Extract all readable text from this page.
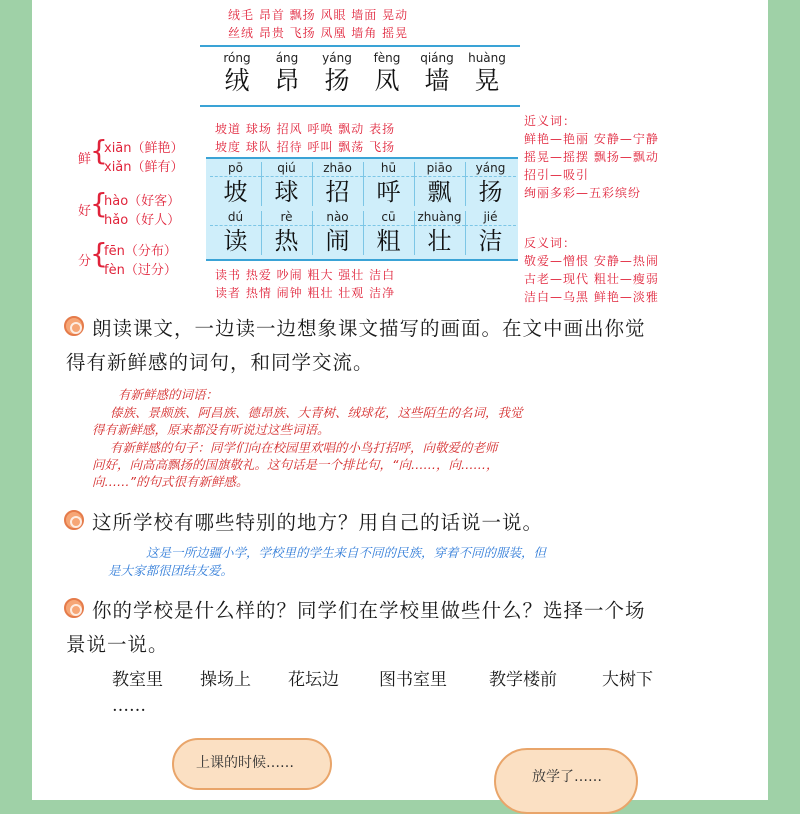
绒毛 昂首 飘扬 风眼 墙面 晃动
丝绒 昂贵 飞扬 凤凰 墙角 摇晃
róng
绒
áng
昂
yáng
扬
fèng
凤
qiáng
墙
huàng
晃
坡道 球场 招风 呼唤 飘动 表扬
坡度 球队 招待 呼叫 飘荡 飞扬
pō
坡
qiú
球
zhāo
招
hū
呼
piāo
飘
yáng
扬
dú
读
rè
热
nào
闹
cū
粗
zhuàng
壮
jié
洁
读书 热爱 吵闹 粗大 强壮 洁白
读者 热情 闹钟 粗壮 壮观 洁净
鲜
{
xiān（鲜艳）
xiǎn（鲜有）
好
{
hào（好客）
hǎo（好人）
分
{
fēn（分布）
fèn（过分）
近义词：
鲜艳—艳丽 安静—宁静
摇晃—摇摆 飘扬—飘动
招引—吸引
绚丽多彩—五彩缤纷
反义词：
敬爱—憎恨 安静—热闹
古老—现代 粗壮—瘦弱
洁白—乌黑 鲜艳—淡雅
朗读课文，一边读一边想象课文描写的画面。在文中画出你觉
得有新鲜感的词句，和同学交流。
有新鲜感的词语：
傣族、景颇族、阿昌族、德昂族、大青树、绒球花，这些陌生的名词，我觉
得有新鲜感，原来都没有听说过这些词语。
有新鲜感的句子：同学们向在校园里欢唱的小鸟打招呼，向敬爱的老师
问好，向高高飘扬的国旗敬礼。这句话是一个排比句，“向……，向……，
向……”的句式很有新鲜感。
这所学校有哪些特别的地方？用自己的话说一说。
这是一所边疆小学，学校里的学生来自不同的民族，穿着不同的服装，但
是大家都很团结友爱。
你的学校是什么样的？同学们在学校里做些什么？选择一个场
景说一说。
教室里 操场上 花坛边 图书室里 教学楼前	大树下
……
上课的时候……
放学了……
